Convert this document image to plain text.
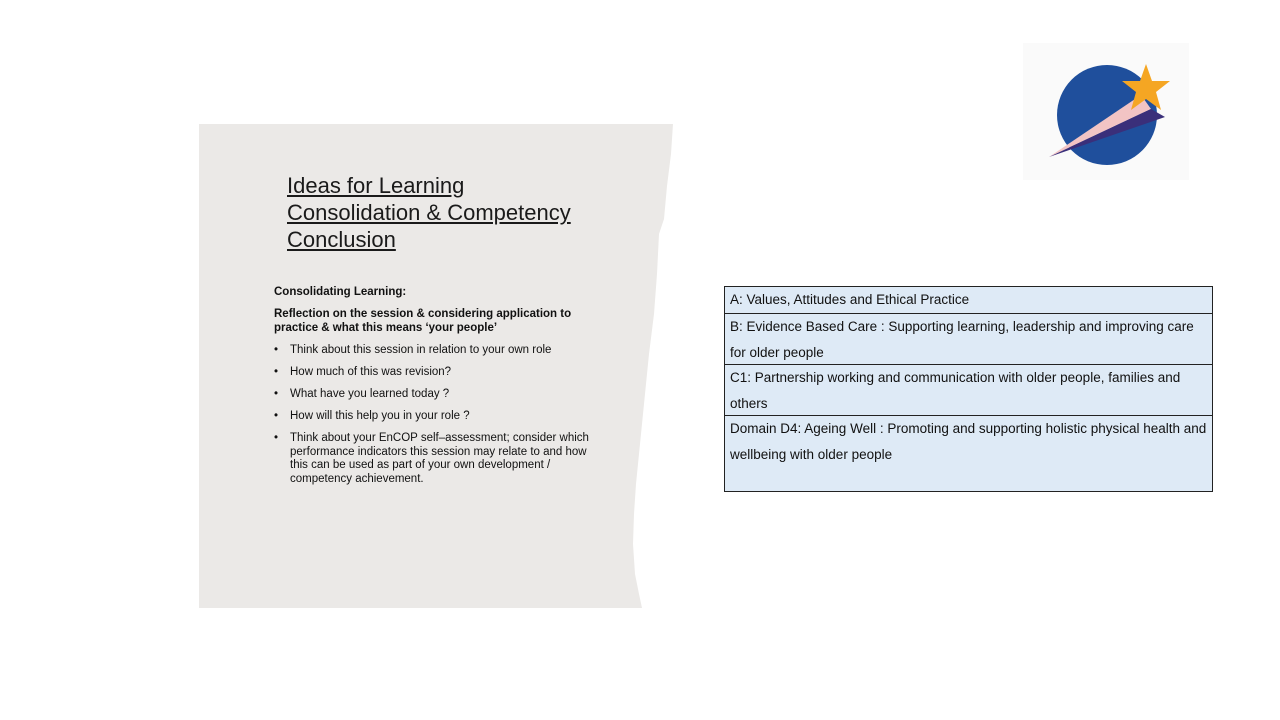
Ideas for Learning
Consolidation & Competency
Conclusion

Consolidating Learning:

Reflection on the session & considering application to practice & what this means ‘your people’

• Think about this session in relation to your own role
• How much of this was revision?
• What have you learned today ?
• How will this help you in your role ?
• Think about your EnCOP self–assessment; consider which performance indicators this session may relate to and how this can be used as part of your own development / competency achievement.
A: Values, Attitudes and Ethical Practice
B: Evidence Based Care : Supporting learning, leadership and improving care for older people
C1: Partnership working and communication with older people, families and others
Domain D4: Ageing Well : Promoting and supporting holistic physical health and wellbeing with older people
